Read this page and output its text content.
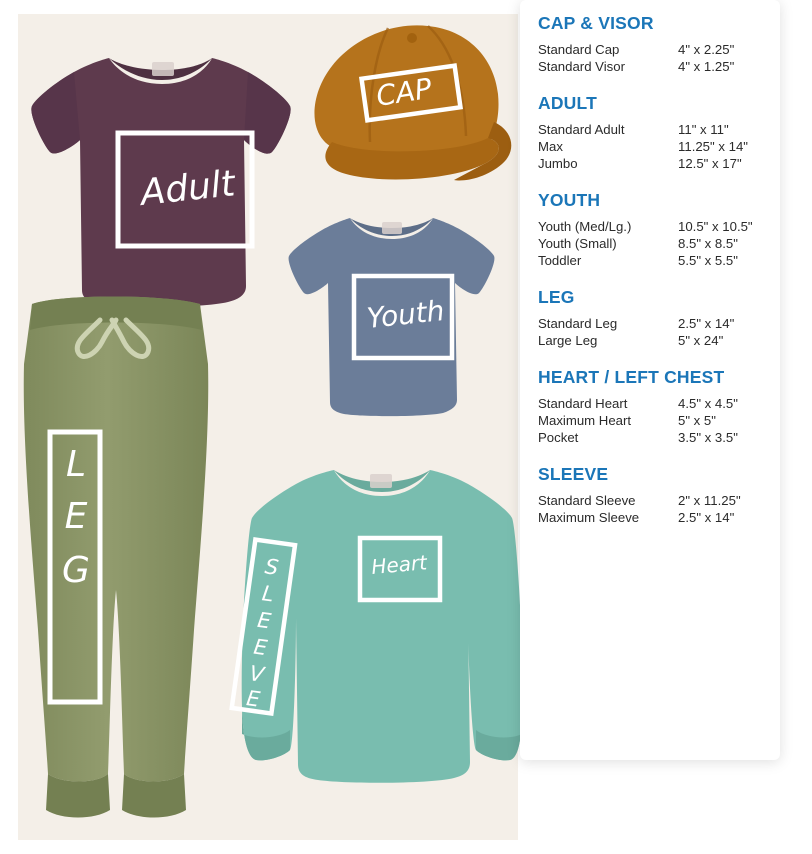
Adult
CAP
Youth
L
E
G	Heart
S
L
E
E
V
E
CAP & VISOR
Standard Cap	4" x 2.25"
Standard Visor	4" x 1.25"
ADULT
Standard Adult	11" x 11"
Max	11.25" x 14"
Jumbo	12.5" x 17"
YOUTH
Youth (Med/Lg.)	10.5" x 10.5"
Youth (Small)	8.5" x 8.5"
Toddler	5.5" x 5.5"
LEG
Standard Leg	2.5" x 14"
Large Leg	5" x 24"
HEART / LEFT CHEST
Standard Heart	4.5" x 4.5"
Maximum Heart	5" x 5"
Pocket	3.5" x 3.5"
SLEEVE
Standard Sleeve	2" x 11.25"
Maximum Sleeve	2.5" x 14"
